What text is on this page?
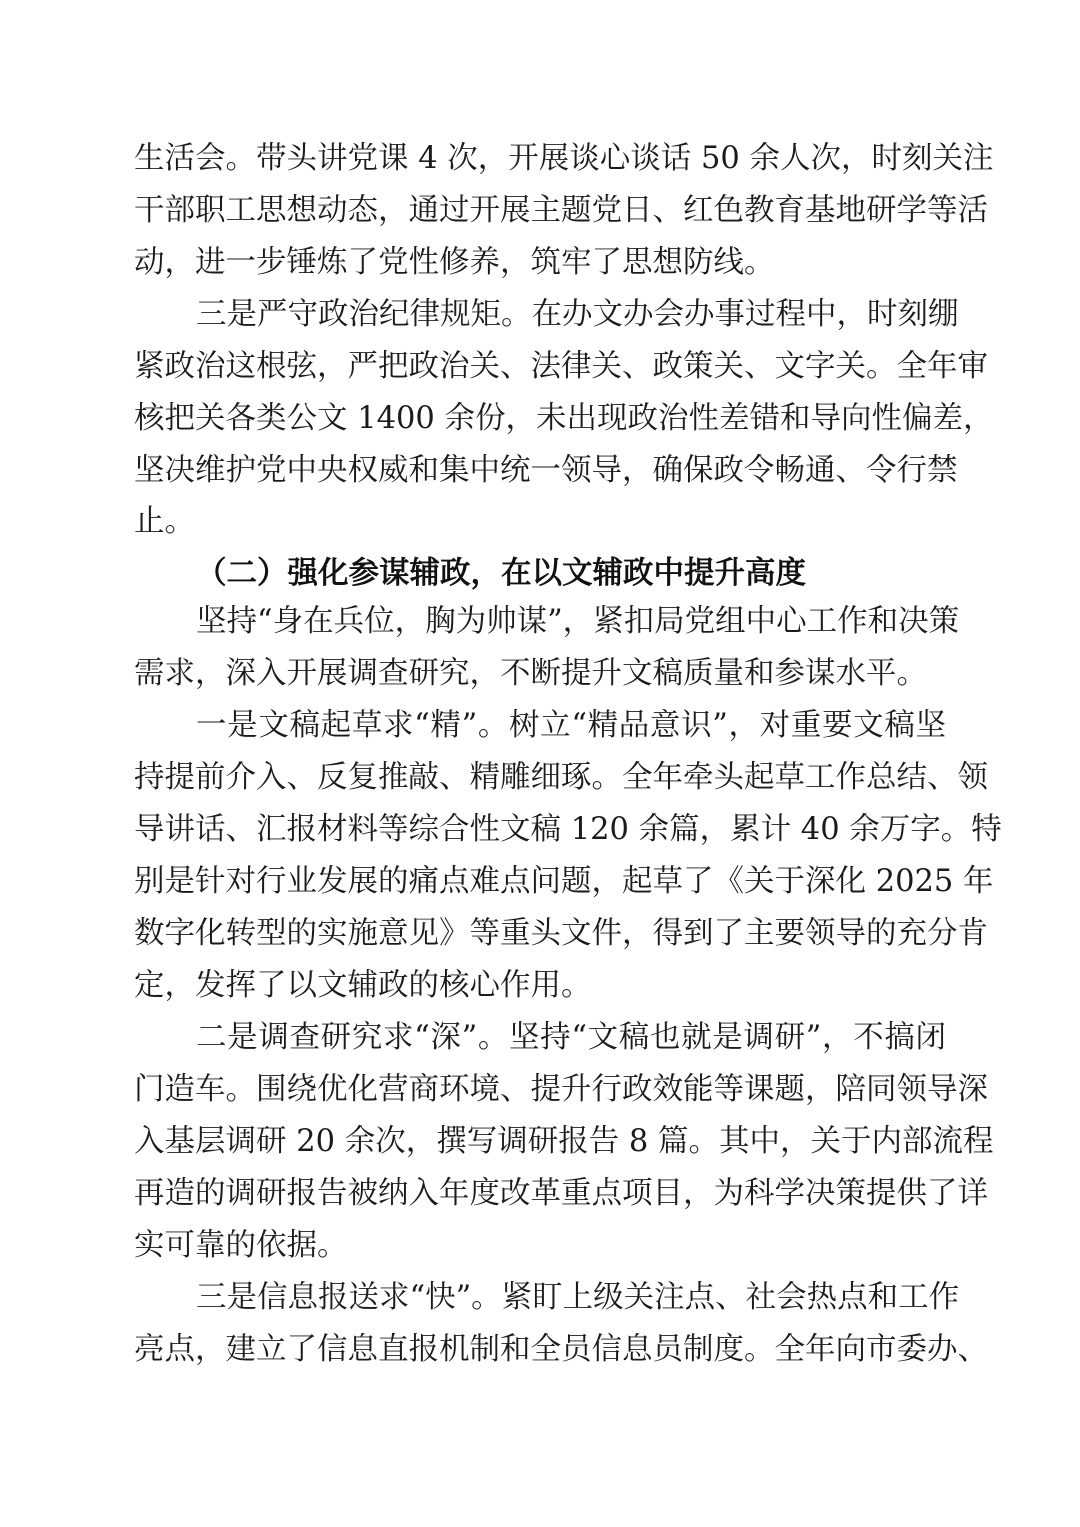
生活会。带头讲党课 4 次，开展谈心谈话 50 余人次，时刻关注
干部职工思想动态，通过开展主题党日、红色教育基地研学等活
动，进一步锤炼了党性修养，筑牢了思想防线。
三是严守政治纪律规矩。在办文办会办事过程中，时刻绷
紧政治这根弦，严把政治关、法律关、政策关、文字关。全年审
核把关各类公文 1400 余份，未出现政治性差错和导向性偏差，
坚决维护党中央权威和集中统一领导，确保政令畅通、令行禁
止。
（二）强化参谋辅政，在以文辅政中提升高度
坚持“身在兵位，胸为帅谋”，紧扣局党组中心工作和决策
需求，深入开展调查研究，不断提升文稿质量和参谋水平。
一是文稿起草求“精”。树立“精品意识”，对重要文稿坚
持提前介入、反复推敲、精雕细琢。全年牵头起草工作总结、领
导讲话、汇报材料等综合性文稿 120 余篇，累计 40 余万字。特
别是针对行业发展的痛点难点问题，起草了《关于深化 2025 年
数字化转型的实施意见》等重头文件，得到了主要领导的充分肯
定，发挥了以文辅政的核心作用。
二是调查研究求“深”。坚持“文稿也就是调研”，不搞闭
门造车。围绕优化营商环境、提升行政效能等课题，陪同领导深
入基层调研 20 余次，撰写调研报告 8 篇。其中，关于内部流程
再造的调研报告被纳入年度改革重点项目，为科学决策提供了详
实可靠的依据。
三是信息报送求“快”。紧盯上级关注点、社会热点和工作
亮点，建立了信息直报机制和全员信息员制度。全年向市委办、
